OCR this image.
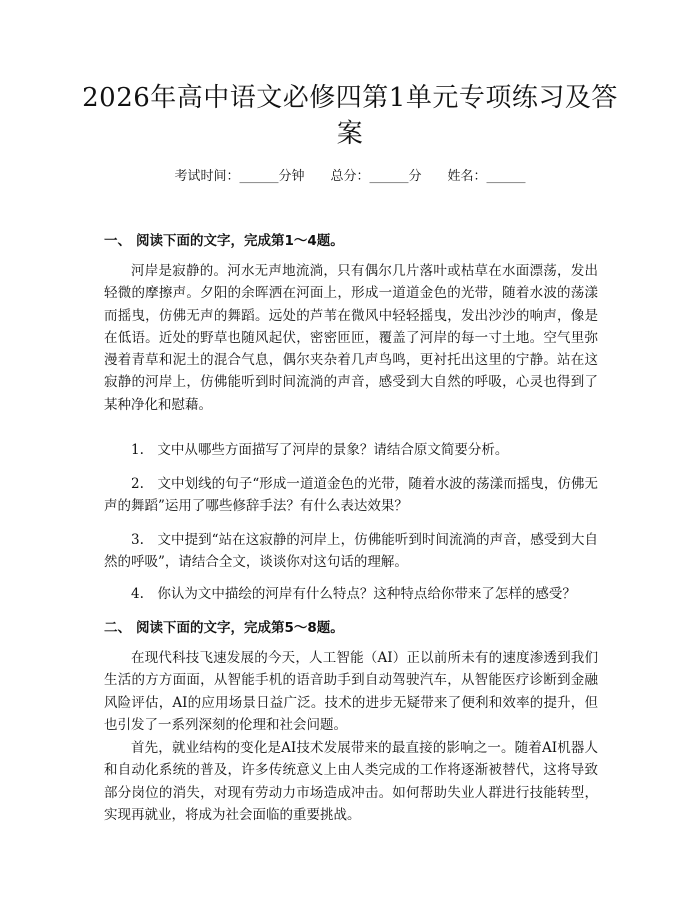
2026年高中语文必修四第1单元专项练习及答案
考试时间：______分钟 总分：______分 姓名：______
一、 阅读下面的文字，完成第1～4题。

河岸是寂静的。河水无声地流淌，只有偶尔几片落叶或枯草在水面漂荡，发出轻微的摩擦声。夕阳的余晖洒在河面上，形成一道道金色的光带，随着水波的荡漾而摇曳，仿佛无声的舞蹈。远处的芦苇在微风中轻轻摇曳，发出沙沙的响声，像是在低语。近处的野草也随风起伏，密密匝匝，覆盖了河岸的每一寸土地。空气里弥漫着青草和泥土的混合气息，偶尔夹杂着几声鸟鸣，更衬托出这里的宁静。站在这寂静的河岸上，仿佛能听到时间流淌的声音，感受到大自然的呼吸，心灵也得到了某种净化和慰藉。

1.　文中从哪些方面描写了河岸的景象？请结合原文简要分析。

2.　文中划线的句子“形成一道道金色的光带，随着水波的荡漾而摇曳，仿佛无声的舞蹈”运用了哪些修辞手法？有什么表达效果？

3.　文中提到“站在这寂静的河岸上，仿佛能听到时间流淌的声音，感受到大自然的呼吸”，请结合全文，谈谈你对这句话的理解。

4.　你认为文中描绘的河岸有什么特点？这种特点给你带来了怎样的感受？

二、 阅读下面的文字，完成第5～8题。

在现代科技飞速发展的今天，人工智能（AI）正以前所未有的速度渗透到我们生活的方方面面，从智能手机的语音助手到自动驾驶汽车，从智能医疗诊断到金融风险评估，AI的应用场景日益广泛。技术的进步无疑带来了便利和效率的提升，但也引发了一系列深刻的伦理和社会问题。

首先，就业结构的变化是AI技术发展带来的最直接的影响之一。随着AI机器人和自动化系统的普及，许多传统意义上由人类完成的工作将逐渐被替代，这将导致部分岗位的消失，对现有劳动力市场造成冲击。如何帮助失业人群进行技能转型，实现再就业，将成为社会面临的重要挑战。
